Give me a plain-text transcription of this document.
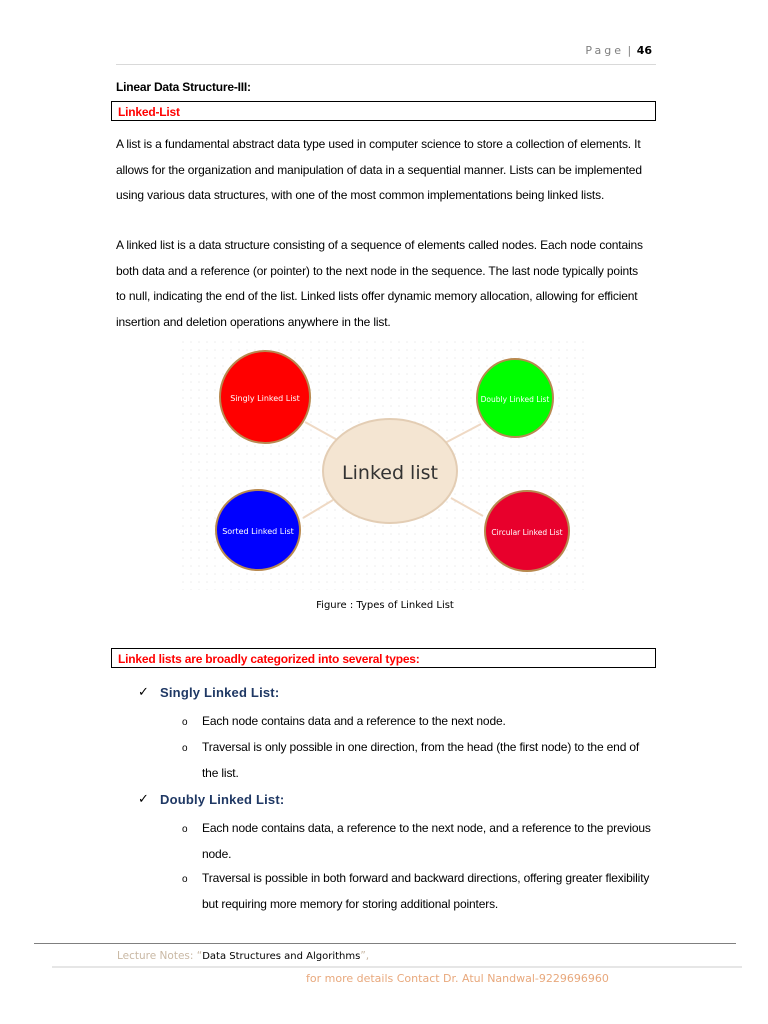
Page | 46
Linear Data Structure-III:
Linked-List
A list is a fundamental abstract data type used in computer science to store a collection of elements. It
allows for the organization and manipulation of data in a sequential manner. Lists can be implemented
using various data structures, with one of the most common implementations being linked lists.
A linked list is a data structure consisting of a sequence of elements called nodes. Each node contains
both data and a reference (or pointer) to the next node in the sequence. The last node typically points
to null, indicating the end of the list. Linked lists offer dynamic memory allocation, allowing for efficient
insertion and deletion operations anywhere in the list.
Linked list
Singly Linked List	Doubly Linked List
Sorted Linked List	Circular Linked List
Figure : Types of Linked List
Linked lists are broadly categorized into several types:
✓ Singly Linked List:
o Each node contains data and a reference to the next node.
o Traversal is only possible in one direction, from the head (the first node) to the end of
the list.
✓ Doubly Linked List:
o Each node contains data, a reference to the next node, and a reference to the previous
node.
o Traversal is possible in both forward and backward directions, offering greater flexibility
but requiring more memory for storing additional pointers.
Lecture Notes: “Data Structures and Algorithms”,
for more details Contact Dr. Atul Nandwal-9229696960
